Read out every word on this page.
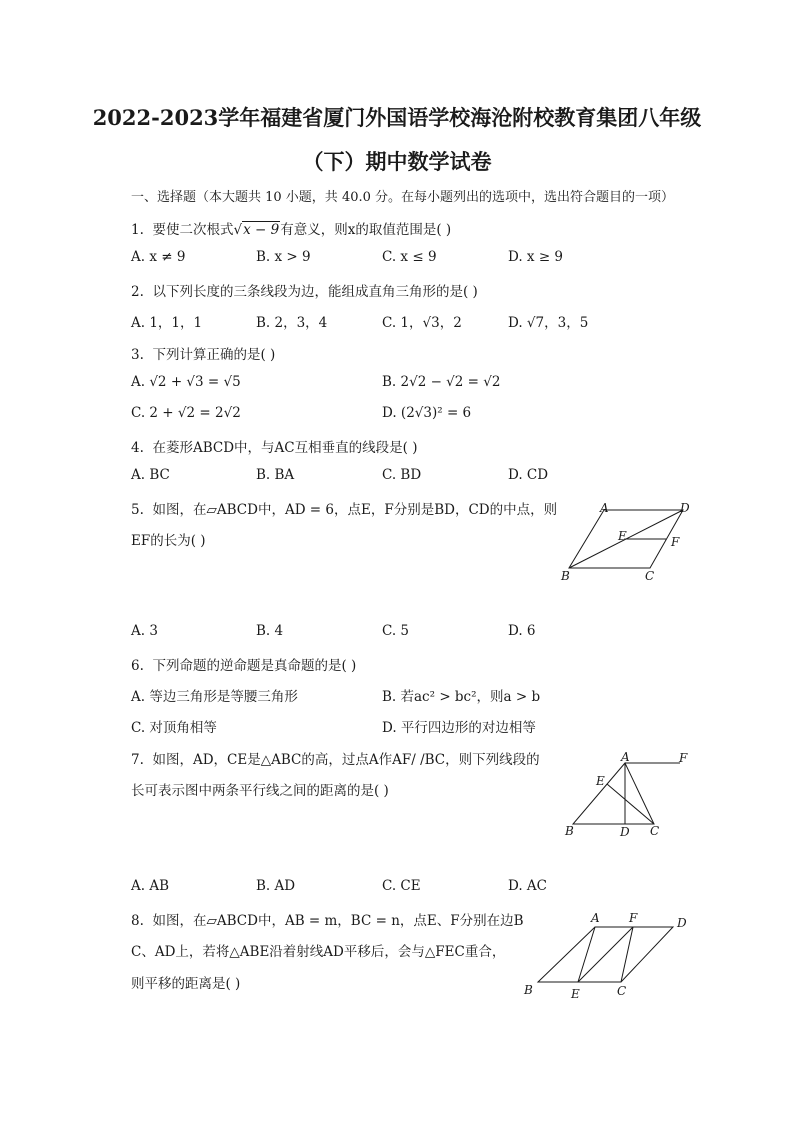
2022-2023学年福建省厦门外国语学校海沧附校教育集团八年级
（下）期中数学试卷
一、选择题（本大题共 10 小题，共 40.0 分。在每小题列出的选项中，选出符合题目的一项）
1. 要使二次根式√x − 9有意义，则x的取值范围是( )
A. x ≠ 9	B. x > 9	C. x ≤ 9	D. x ≥ 9
2. 以下列长度的三条线段为边，能组成直角三角形的是( )
A. 1，1，1	B. 2，3，4	C. 1，√3，2	D. √7，3，5
3. 下列计算正确的是( )
A. √2 + √3 = √5	B. 2√2 − √2 = √2
C. 2 + √2 = 2√2	D. (2√3)² = 6
4. 在菱形ABCD中，与AC互相垂直的线段是( )
A. BC	B. BA	C. BD	D. CD
5. 如图，在▱ABCD中，AD = 6，点E，F分别是BD，CD的中点，则
EF的长为( )
A	D
E	F
B	C
A. 3	B. 4	C. 5	D. 6
6. 下列命题的逆命题是真命题的是( )
A. 等边三角形是等腰三角形	B. 若ac² > bc²，则a > b
C. 对顶角相等	D. 平行四边形的对边相等
7. 如图，AD，CE是△ABC的高，过点A作AF/ /BC，则下列线段的
长可表示图中两条平行线之间的距离的是( )
A	F
E
B	D C
A. AB	B. AD	C. CE	D. AC
8. 如图，在▱ABCD中，AB = m，BC = n，点E、F分别在边B
C、AD上，若将△ABE沿着射线AD平移后，会与△FEC重合，
则平移的距离是( )
A F	D
B	E	C
